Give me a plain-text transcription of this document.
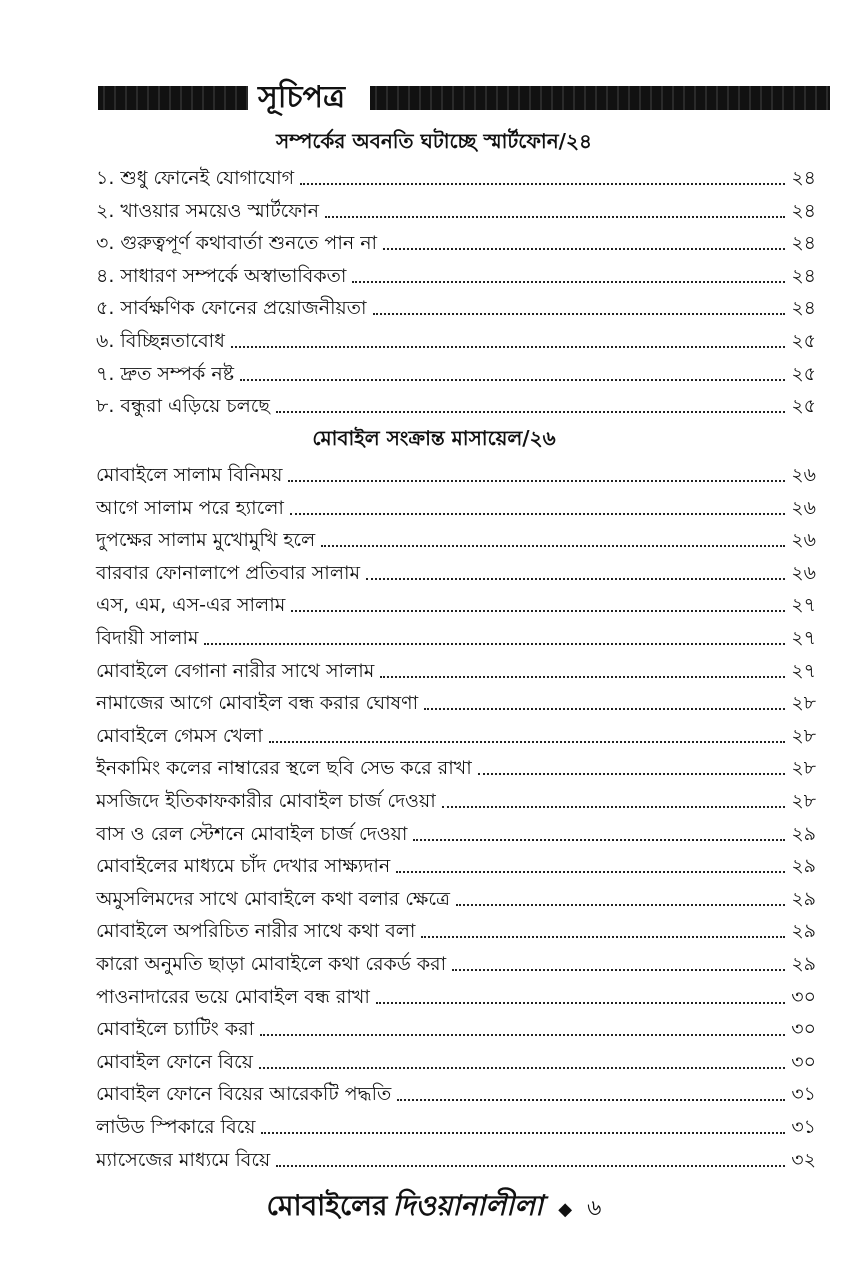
সূচিপত্র
সম্পর্কের অবনতি ঘটাচ্ছে স্মার্টফোন/২৪
১. শুধু ফোনেই যোগাযোগ	২৪
২. খাওয়ার সময়েও স্মার্টফোন	২৪
৩. গুরুত্বপূর্ণ কথাবার্তা শুনতে পান না	২৪
৪. সাধারণ সম্পর্কে অস্বাভাবিকতা	২৪
৫. সার্বক্ষণিক ফোনের প্রয়োজনীয়তা	২৪
৬. বিচ্ছিন্নতাবোধ	২৫
৭. দ্রুত সম্পর্ক নষ্ট	২৫
৮. বন্ধুরা এড়িয়ে চলছে	২৫
মোবাইল সংক্রান্ত মাসায়েল/২৬
মোবাইলে সালাম বিনিময়	২৬
আগে সালাম পরে হ্যালো	২৬
দুপক্ষের সালাম মুখোমুখি হলে	২৬
বারবার ফোনালাপে প্রতিবার সালাম	২৬
এস, এম, এস-এর সালাম	২৭
বিদায়ী সালাম	২৭
মোবাইলে বেগানা নারীর সাথে সালাম	২৭
নামাজের আগে মোবাইল বন্ধ করার ঘোষণা	২৮
মোবাইলে গেমস খেলা	২৮
ইনকামিং কলের নাম্বারের স্থলে ছবি সেভ করে রাখা	২৮
মসজিদে ইতিকাফকারীর মোবাইল চার্জ দেওয়া	২৮
বাস ও রেল স্টেশনে মোবাইল চার্জ দেওয়া	২৯
মোবাইলের মাধ্যমে চাঁদ দেখার সাক্ষ্যদান	২৯
অমুসলিমদের সাথে মোবাইলে কথা বলার ক্ষেত্রে	২৯
মোবাইলে অপরিচিত নারীর সাথে কথা বলা	২৯
কারো অনুমতি ছাড়া মোবাইলে কথা রেকর্ড করা	২৯
পাওনাদারের ভয়ে মোবাইল বন্ধ রাখা	৩০
মোবাইলে চ্যাটিং করা	৩০
মোবাইল ফোনে বিয়ে	৩০
মোবাইল ফোনে বিয়ের আরেকটি পদ্ধতি	৩১
লাউড স্পিকারে বিয়ে	৩১
ম্যাসেজের মাধ্যমে বিয়ে	৩২
মোবাইলের দিওয়ানালীলা ◆ ৬
